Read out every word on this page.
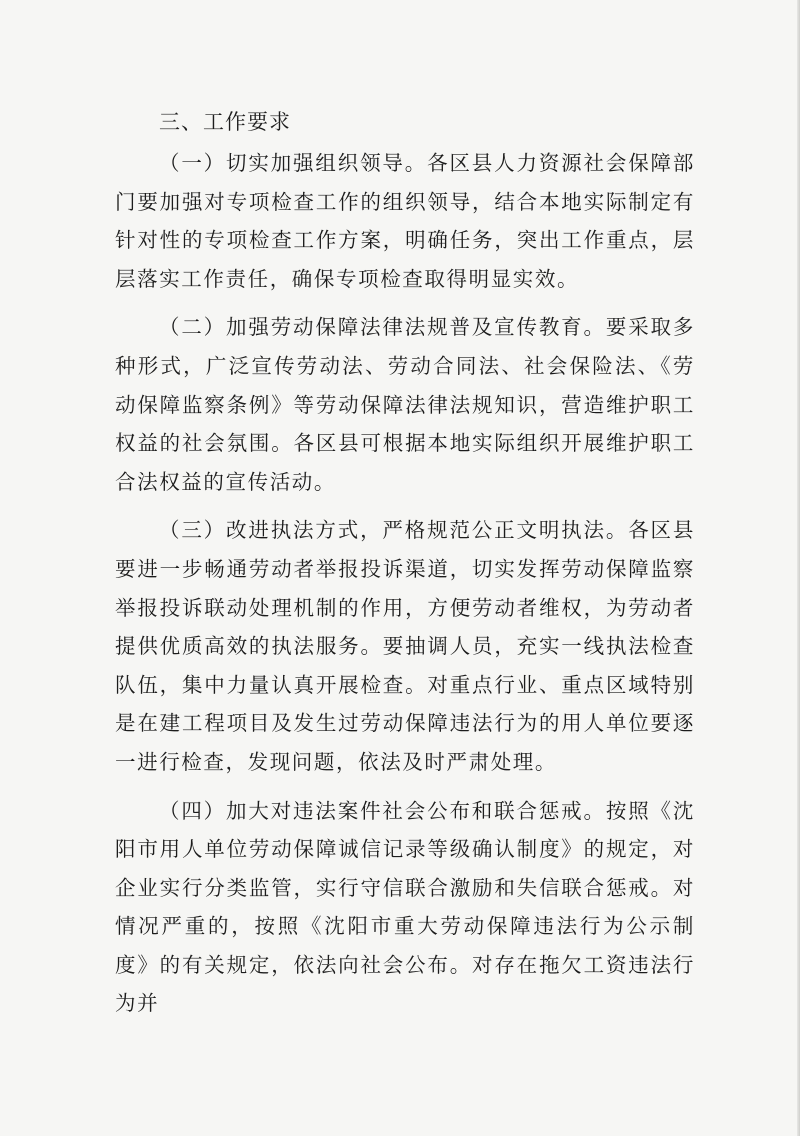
三、工作要求

（一）切实加强组织领导。各区县人力资源社会保障部门要加强对专项检查工作的组织领导，结合本地实际制定有针对性的专项检查工作方案，明确任务，突出工作重点，层层落实工作责任，确保专项检查取得明显实效。

（二）加强劳动保障法律法规普及宣传教育。要采取多种形式，广泛宣传劳动法、劳动合同法、社会保险法、《劳动保障监察条例》等劳动保障法律法规知识，营造维护职工权益的社会氛围。各区县可根据本地实际组织开展维护职工合法权益的宣传活动。

（三）改进执法方式，严格规范公正文明执法。各区县要进一步畅通劳动者举报投诉渠道，切实发挥劳动保障监察举报投诉联动处理机制的作用，方便劳动者维权，为劳动者提供优质高效的执法服务。要抽调人员，充实一线执法检查队伍，集中力量认真开展检查。对重点行业、重点区域特别是在建工程项目及发生过劳动保障违法行为的用人单位要逐一进行检查，发现问题，依法及时严肃处理。

（四）加大对违法案件社会公布和联合惩戒。按照《沈阳市用人单位劳动保障诚信记录等级确认制度》的规定，对企业实行分类监管，实行守信联合激励和失信联合惩戒。对情况严重的，按照《沈阳市重大劳动保障违法行为公示制度》的有关规定，依法向社会公布。对存在拖欠工资违法行为并
